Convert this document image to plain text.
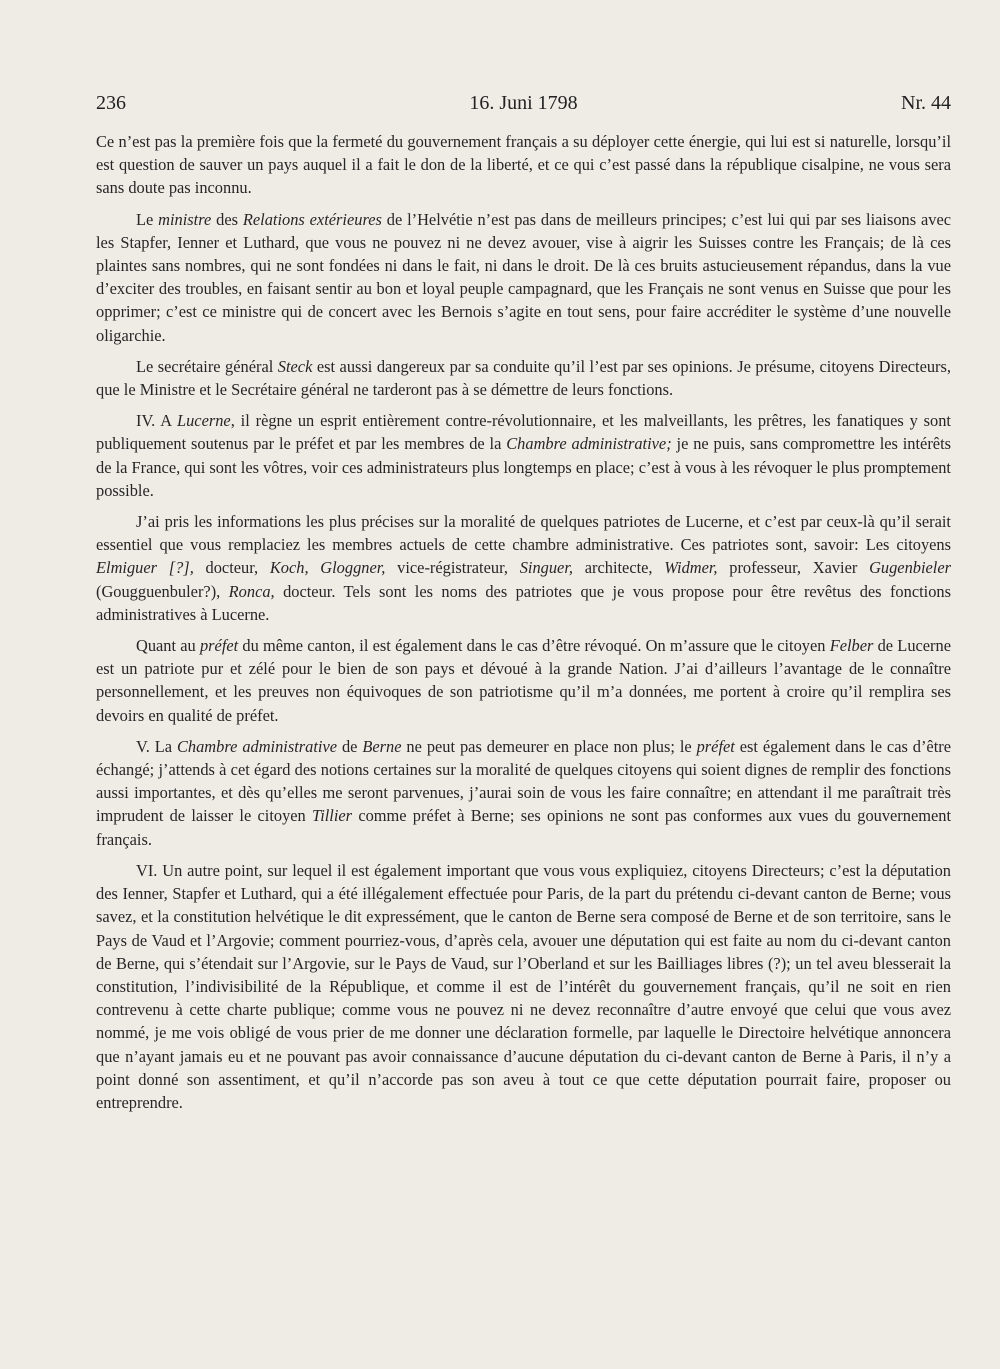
236	16. Juni 1798	Nr. 44

Ce n’est pas la première fois que la fermeté du gouvernement français a su déployer cette énergie, qui lui est si naturelle, lorsqu’il est question de sauver un pays auquel il a fait le don de la liberté, et ce qui c’est passé dans la république cisalpine, ne vous sera sans doute pas inconnu.

Le ministre des Relations extérieures de l’Helvétie n’est pas dans de meilleurs principes; c’est lui qui par ses liaisons avec les Stapfer, Ienner et Luthard, que vous ne pouvez ni ne devez avouer, vise à aigrir les Suisses contre les Français; de là ces plaintes sans nombres, qui ne sont fondées ni dans le fait, ni dans le droit. De là ces bruits astucieusement répandus, dans la vue d’exciter des troubles, en faisant sentir au bon et loyal peuple campagnard, que les Français ne sont venus en Suisse que pour les opprimer; c’est ce ministre qui de concert avec les Bernois s’agite en tout sens, pour faire accréditer le système d’une nouvelle oligarchie.

Le secrétaire général Steck est aussi dangereux par sa conduite qu’il l’est par ses opinions. Je présume, citoyens Directeurs, que le Ministre et le Secrétaire général ne tarderont pas à se démettre de leurs fonctions.

IV. A Lucerne, il règne un esprit entièrement contre-révolutionnaire, et les malveillants, les prêtres, les fanatiques y sont publiquement soutenus par le préfet et par les membres de la Chambre administrative; je ne puis, sans compromettre les intérêts de la France, qui sont les vôtres, voir ces administrateurs plus longtemps en place; c’est à vous à les révoquer le plus promptement possible.

J’ai pris les informations les plus précises sur la moralité de quelques patriotes de Lucerne, et c’est par ceux-là qu’il serait essentiel que vous remplaciez les membres actuels de cette chambre administrative. Ces patriotes sont, savoir: Les citoyens Elmiguer [?], docteur, Koch, Gloggner, vice-régistrateur, Singuer, architecte, Widmer, professeur, Xavier Gugenbieler (Gougguenbuler?), Ronca, docteur. Tels sont les noms des patriotes que je vous propose pour être revêtus des fonctions administratives à Lucerne.

Quant au préfet du même canton, il est également dans le cas d’être révoqué. On m’assure que le citoyen Felber de Lucerne est un patriote pur et zélé pour le bien de son pays et dévoué à la grande Nation. J’ai d’ailleurs l’avantage de le connaître personnellement, et les preuves non équivoques de son patriotisme qu’il m’a données, me portent à croire qu’il remplira ses devoirs en qualité de préfet.

V. La Chambre administrative de Berne ne peut pas demeurer en place non plus; le préfet est également dans le cas d’être échangé; j’attends à cet égard des notions certaines sur la moralité de quelques citoyens qui soient dignes de remplir des fonctions aussi importantes, et dès qu’elles me seront parvenues, j’aurai soin de vous les faire connaître; en attendant il me paraîtrait très imprudent de laisser le citoyen Tillier comme préfet à Berne; ses opinions ne sont pas conformes aux vues du gouvernement français.

VI. Un autre point, sur lequel il est également important que vous vous expliquiez, citoyens Directeurs; c’est la députation des Ienner, Stapfer et Luthard, qui a été illégalement effectuée pour Paris, de la part du prétendu ci-devant canton de Berne; vous savez, et la constitution helvétique le dit expressément, que le canton de Berne sera composé de Berne et de son territoire, sans le Pays de Vaud et l’Argovie; comment pourriez-vous, d’après cela, avouer une députation qui est faite au nom du ci-devant canton de Berne, qui s’étendait sur l’Argovie, sur le Pays de Vaud, sur l’Oberland et sur les Bailliages libres (?); un tel aveu blesserait la constitution, l’indivisibilité de la République, et comme il est de l’intérêt du gouvernement français, qu’il ne soit en rien contrevenu à cette charte publique; comme vous ne pouvez ni ne devez reconnaître d’autre envoyé que celui que vous avez nommé, je me vois obligé de vous prier de me donner une déclaration formelle, par laquelle le Directoire helvétique annoncera que n’ayant jamais eu et ne pouvant pas avoir connaissance d’aucune députation du ci-devant canton de Berne à Paris, il n’y a point donné son assentiment, et qu’il n’accorde pas son aveu à tout ce que cette députation pourrait faire, proposer ou entreprendre.
